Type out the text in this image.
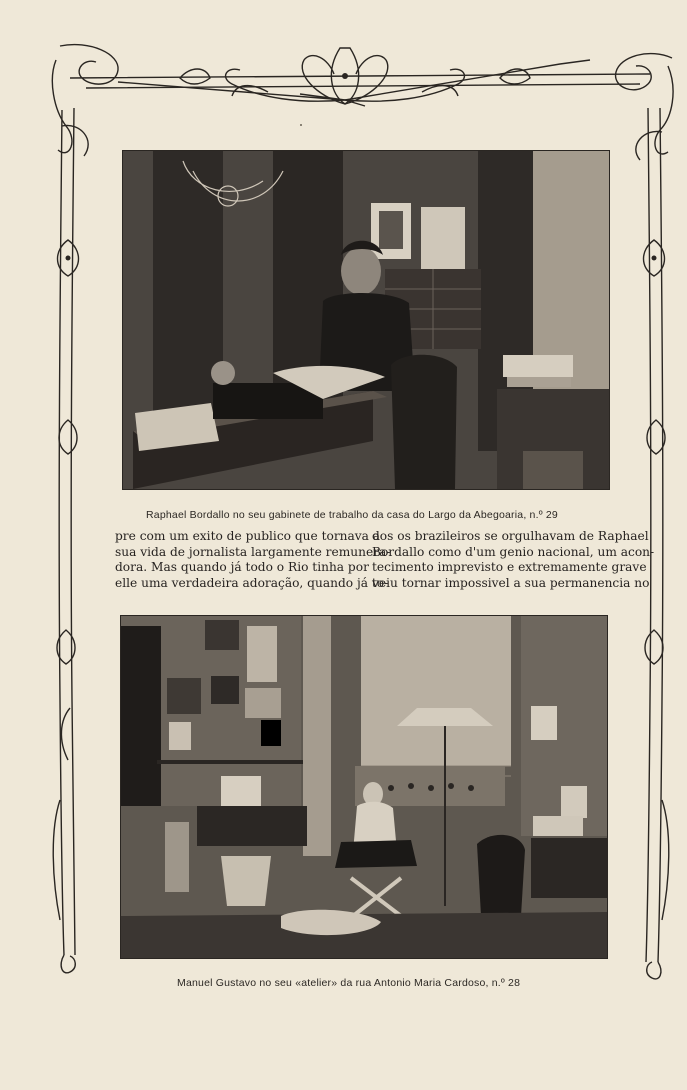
Raphael Bordallo no seu gabinete de trabalho da casa do Largo da Abegoaria, n.º 29
pre com um exito de publico que tornava a
sua vida de jornalista largamente remunera-
dora. Mas quando já todo o Rio tinha por
elle uma verdadeira adoração, quando já to-
dos os brazileiros se orgulhavam de Raphael
Bordallo como d'um genio nacional, um acon-
tecimento imprevisto e extremamente grave
veiu tornar impossivel a sua permanencia no
Manuel Gustavo no seu «atelier» da rua Antonio Maria Cardoso, n.º 28
